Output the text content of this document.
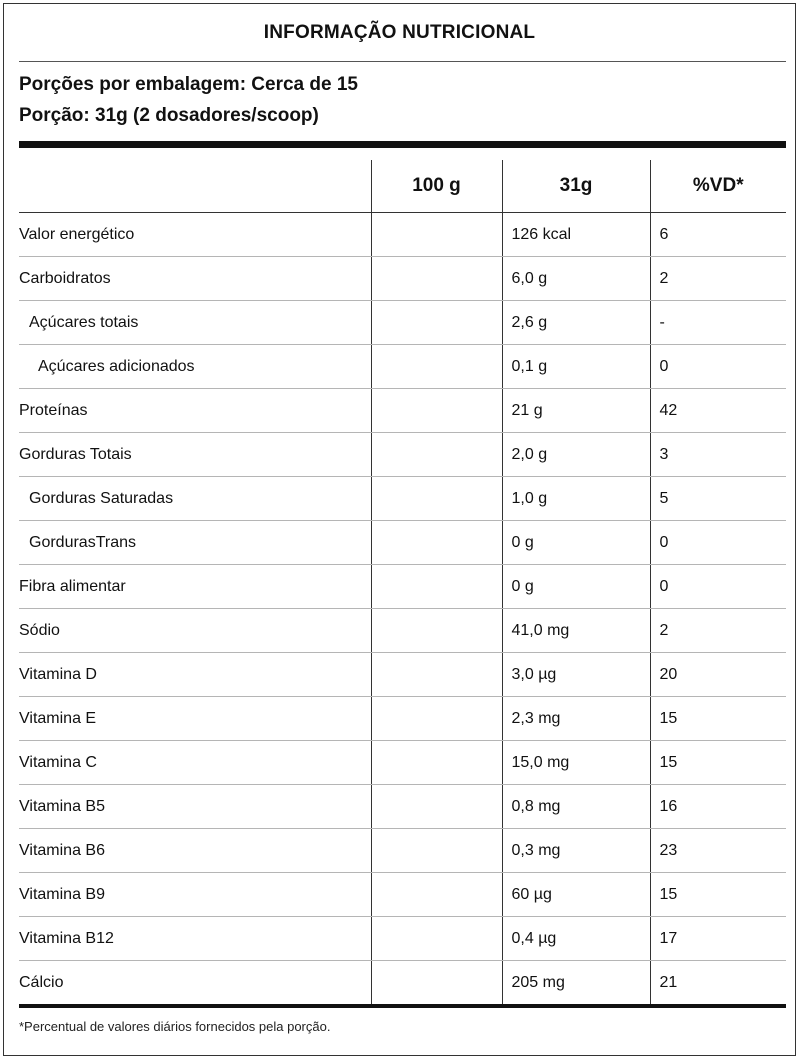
INFORMAÇÃO NUTRICIONAL
Porções por embalagem: Cerca de 15
Porção: 31g (2 dosadores/scoop)
	100 g	31g	%VD*
Valor energético		126 kcal	6
Carboidratos		6,0 g	2
Açúcares totais		2,6 g	-
Açúcares adicionados		0,1 g	0
Proteínas		21 g	42
Gorduras Totais		2,0 g	3
Gorduras Saturadas		1,0 g	5
GordurasTrans		0 g	0
Fibra alimentar		0 g	0
Sódio		41,0 mg	2
Vitamina D		3,0 µg	20
Vitamina E		2,3 mg	15
Vitamina C		15,0 mg	15
Vitamina B5		0,8 mg	16
Vitamina B6		0,3 mg	23
Vitamina B9		60 µg	15
Vitamina B12		0,4 µg	17
Cálcio		205 mg	21
*Percentual de valores diários fornecidos pela porção.
